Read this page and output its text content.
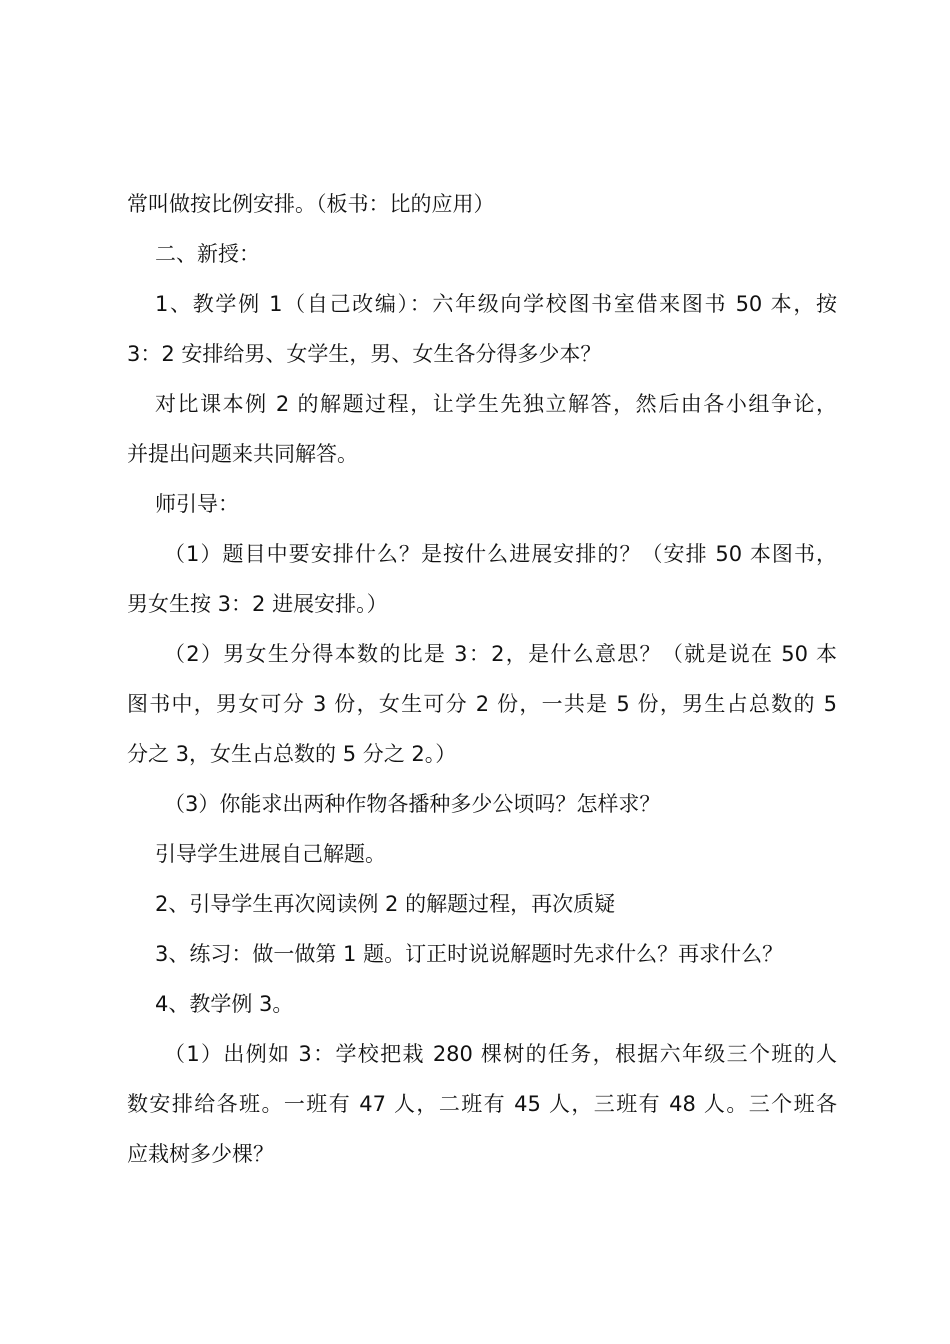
常叫做按比例安排。（板书：比的应用）
二、新授：
1、教学例 1（自己改编）：六年级向学校图书室借来图书 50 本，按
3：2 安排给男、女学生，男、女生各分得多少本？
对比课本例 2 的解题过程，让学生先独立解答，然后由各小组争论，
并提出问题来共同解答。
师引导：
（1）题目中要安排什么？是按什么进展安排的？（安排 50 本图书，
男女生按 3：2 进展安排。）
（2）男女生分得本数的比是 3：2，是什么意思？（就是说在 50 本
图书中，男女可分 3 份，女生可分 2 份，一共是 5 份，男生占总数的 5
分之 3，女生占总数的 5 分之 2。）
（3）你能求出两种作物各播种多少公顷吗？怎样求？
引导学生进展自己解题。
2、引导学生再次阅读例 2 的解题过程，再次质疑
3、练习：做一做第 1 题。订正时说说解题时先求什么？再求什么？
4、教学例 3。
（1）出例如 3：学校把栽 280 棵树的任务，根据六年级三个班的人
数安排给各班。一班有 47 人，二班有 45 人，三班有 48 人。三个班各
应栽树多少棵？
